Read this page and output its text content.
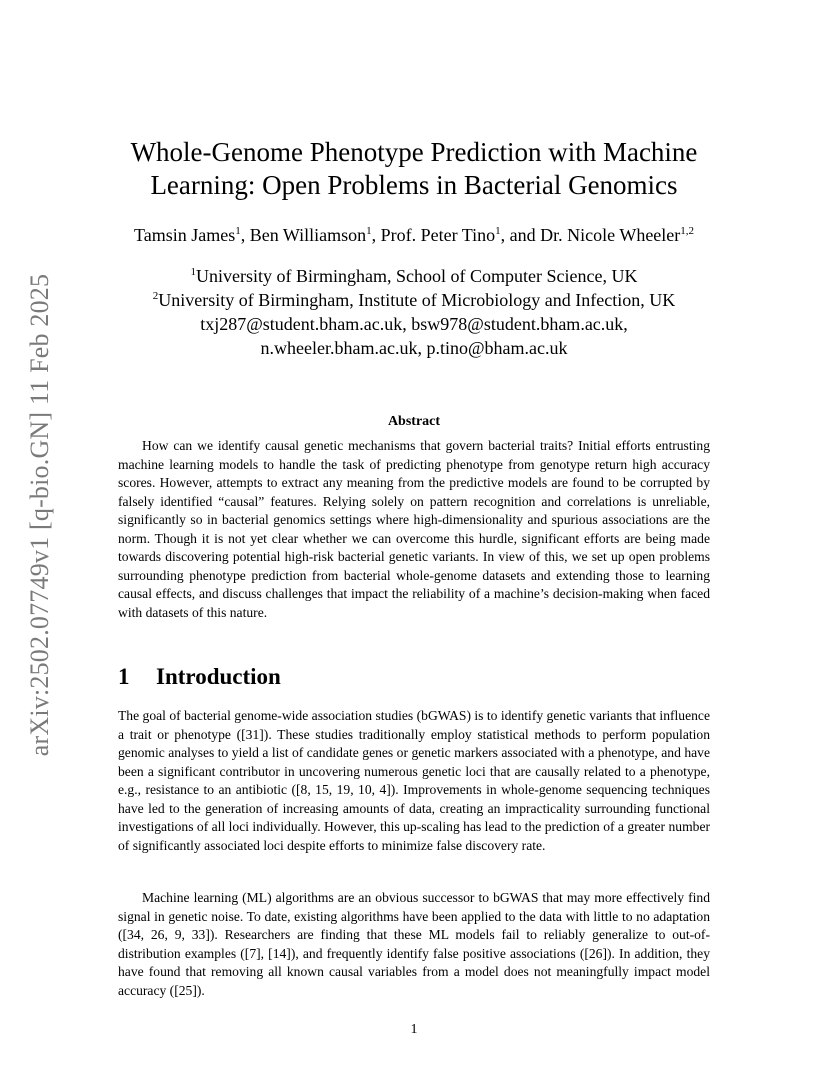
arXiv:2502.07749v1 [q-bio.GN] 11 Feb 2025
Whole-Genome Phenotype Prediction with Machine
Learning: Open Problems in Bacterial Genomics
Tamsin James$^1$, Ben Williamson$^1$, Prof. Peter Tino$^1$, and Dr. Nicole Wheeler$^{1,2}$
$^1$University of Birmingham, School of Computer Science, UK
$^2$University of Birmingham, Institute of Microbiology and Infection, UK
txj287@student.bham.ac.uk, bsw978@student.bham.ac.uk,
n.wheeler.bham.ac.uk, p.tino@bham.ac.uk
Abstract

How can we identify causal genetic mechanisms that govern bacterial traits? Initial efforts entrusting machine learning models to handle the task of predicting phenotype from genotype return high accuracy scores. However, attempts to extract any meaning from the predictive models are found to be corrupted by falsely identified “causal” features. Relying solely on pattern recognition and correlations is unreliable, significantly so in bacterial genomics settings where high-dimensionality and spurious associations are the norm. Though it is not yet clear whether we can overcome this hurdle, significant efforts are being made towards discovering potential high-risk bacterial genetic variants. In view of this, we set up open problems surrounding phenotype prediction from bacterial whole-genome datasets and extending those to learning causal effects, and discuss challenges that impact the reliability of a machine’s decision-making when faced with datasets of this nature.

1 Introduction

The goal of bacterial genome-wide association studies (bGWAS) is to identify genetic variants that influence a trait or phenotype ([31]). These studies traditionally employ statistical methods to perform population genomic analyses to yield a list of candidate genes or genetic markers associated with a phenotype, and have been a significant contributor in uncovering numerous genetic loci that are causally related to a phenotype, e.g., resistance to an antibiotic ([8, 15, 19, 10, 4]). Improvements in whole-genome sequencing techniques have led to the generation of increasing amounts of data, creating an impracticality surrounding functional investigations of all loci individually. However, this up-scaling has lead to the prediction of a greater number of significantly associated loci despite efforts to minimize false discovery rate.

Machine learning (ML) algorithms are an obvious successor to bGWAS that may more effectively find signal in genetic noise. To date, existing algorithms have been applied to the data with little to no adaptation ([34, 26, 9, 33]). Researchers are finding that these ML models fail to reliably generalize to out-of-distribution examples ([7], [14]), and frequently identify false positive associations ([26]). In addition, they have found that removing all known causal variables from a model does not meaningfully impact model accuracy ([25]).

1
